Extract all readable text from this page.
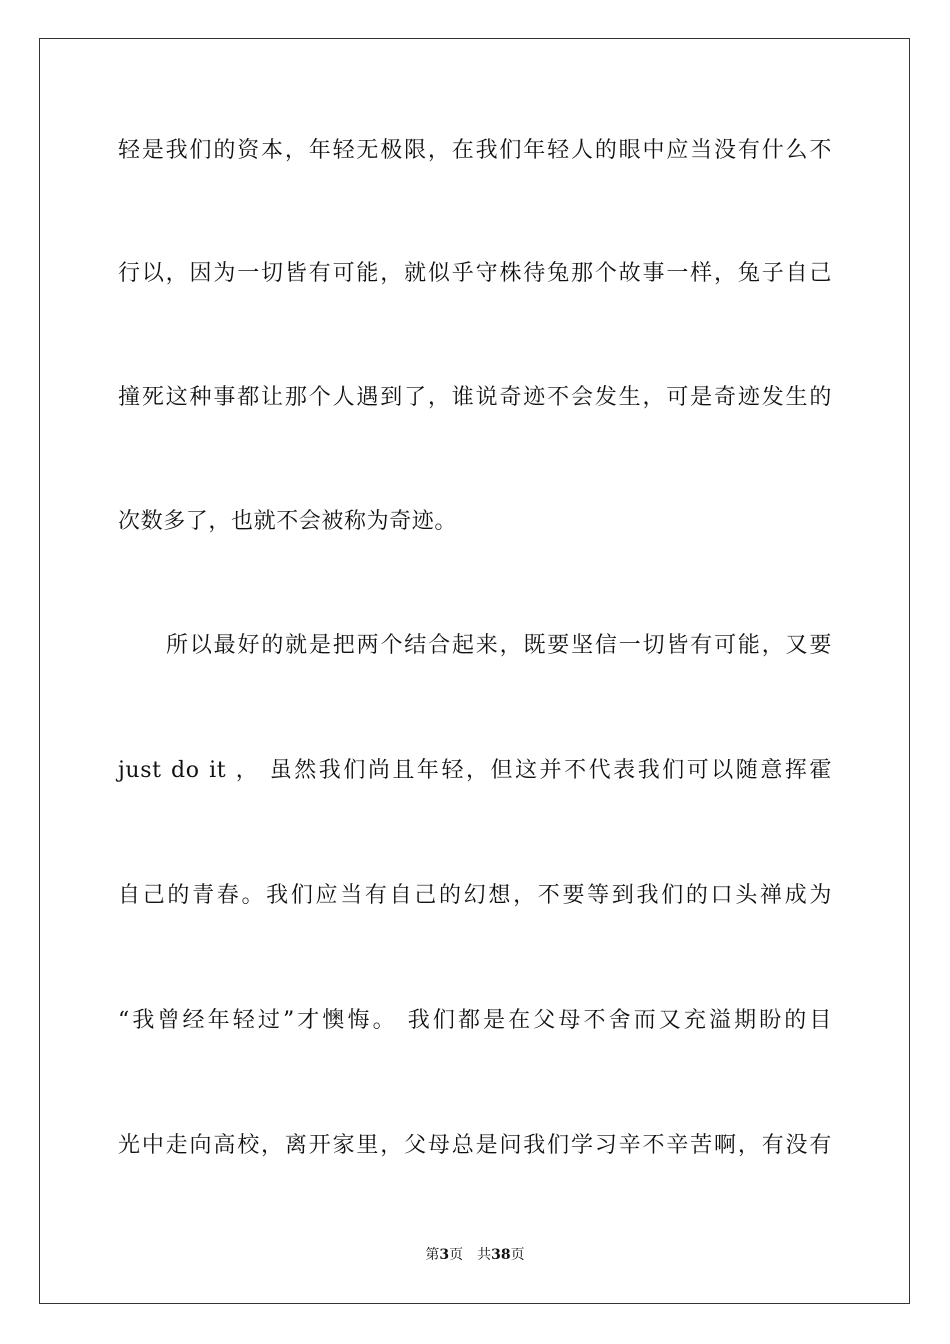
轻是我们的资本，年轻无极限，在我们年轻人的眼中应当没有什么不
行以，因为一切皆有可能，就似乎守株待兔那个故事一样，兔子自己
撞死这种事都让那个人遇到了，谁说奇迹不会发生，可是奇迹发生的
次数多了，也就不会被称为奇迹。
所以最好的就是把两个结合起来，既要坚信一切皆有可能，又要
just do it ， 虽然我们尚且年轻，但这并不代表我们可以随意挥霍
自己的青春。我们应当有自己的幻想，不要等到我们的口头禅成为
“我曾经年轻过”才懊悔。 我们都是在父母不舍而又充溢期盼的目
光中走向高校，离开家里，父母总是问我们学习辛不辛苦啊，有没有
第3页 共38页
